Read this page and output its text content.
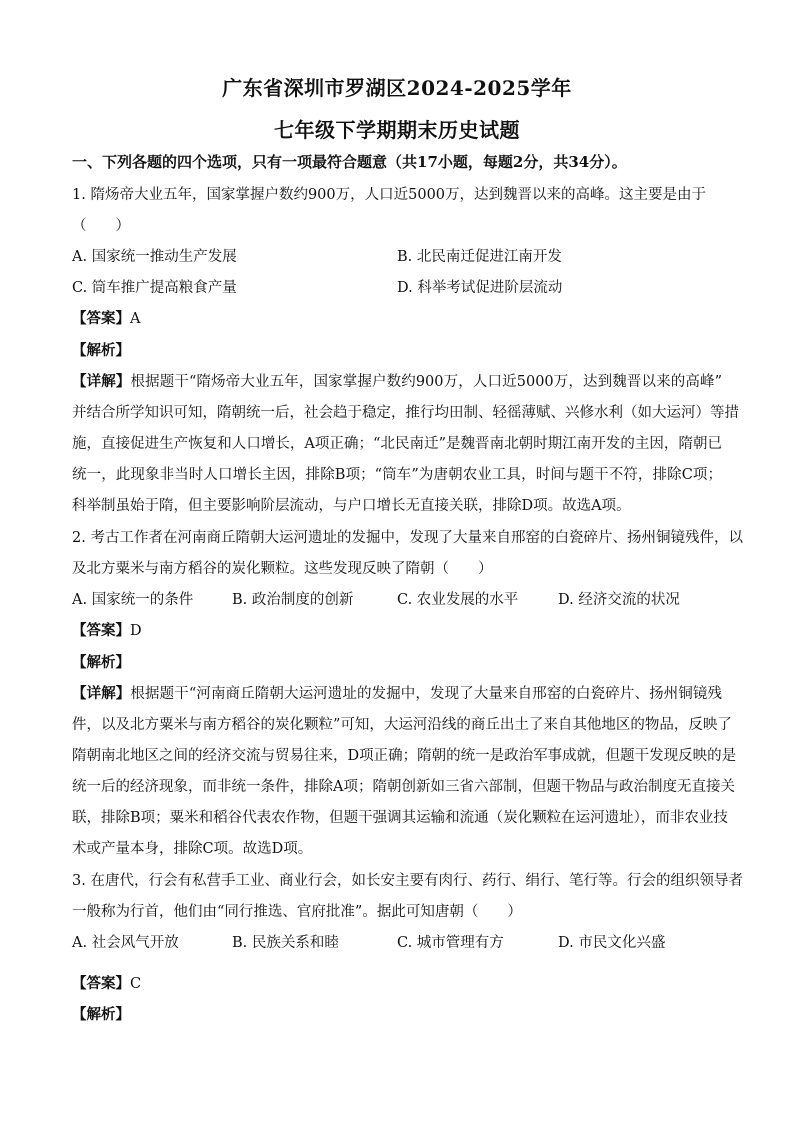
广东省深圳市罗湖区2024-2025学年
七年级下学期期末历史试题
一、下列各题的四个选项，只有一项最符合题意（共17小题，每题2分，共34分）。
1. 隋炀帝大业五年，国家掌握户数约900万，人口近5000万，达到魏晋以来的高峰。这主要是由于
（　　）
A. 国家统一推动生产发展	B. 北民南迁促进江南开发
C. 筒车推广提高粮食产量	D. 科举考试促进阶层流动
【答案】A
【解析】
【详解】根据题干“隋炀帝大业五年，国家掌握户数约900万，人口近5000万，达到魏晋以来的高峰”
并结合所学知识可知，隋朝统一后，社会趋于稳定，推行均田制、轻徭薄赋、兴修水利（如大运河）等措
施，直接促进生产恢复和人口增长，A项正确；“北民南迁”是魏晋南北朝时期江南开发的主因，隋朝已
统一，此现象非当时人口增长主因，排除B项；“筒车”为唐朝农业工具，时间与题干不符，排除C项；
科举制虽始于隋，但主要影响阶层流动，与户口增长无直接关联，排除D项。故选A项。
2. 考古工作者在河南商丘隋朝大运河遗址的发掘中，发现了大量来自邢窑的白瓷碎片、扬州铜镜残件，以
及北方粟米与南方稻谷的炭化颗粒。这些发现反映了隋朝（　　）
A. 国家统一的条件	B. 政治制度的创新	C. 农业发展的水平	D. 经济交流的状况
【答案】D
【解析】
【详解】根据题干“河南商丘隋朝大运河遗址的发掘中，发现了大量来自邢窑的白瓷碎片、扬州铜镜残
件，以及北方粟米与南方稻谷的炭化颗粒”可知，大运河沿线的商丘出土了来自其他地区的物品，反映了
隋朝南北地区之间的经济交流与贸易往来，D项正确；隋朝的统一是政治军事成就，但题干发现反映的是
统一后的经济现象，而非统一条件，排除A项；隋朝创新如三省六部制，但题干物品与政治制度无直接关
联，排除B项；粟米和稻谷代表农作物，但题干强调其运输和流通（炭化颗粒在运河遗址），而非农业技
术或产量本身，排除C项。故选D项。
3. 在唐代，行会有私营手工业、商业行会，如长安主要有肉行、药行、绢行、笔行等。行会的组织领导者
一般称为行首，他们由“同行推选、官府批准”。据此可知唐朝（　　）
A. 社会风气开放	B. 民族关系和睦	C. 城市管理有方	D. 市民文化兴盛
【答案】C
【解析】
